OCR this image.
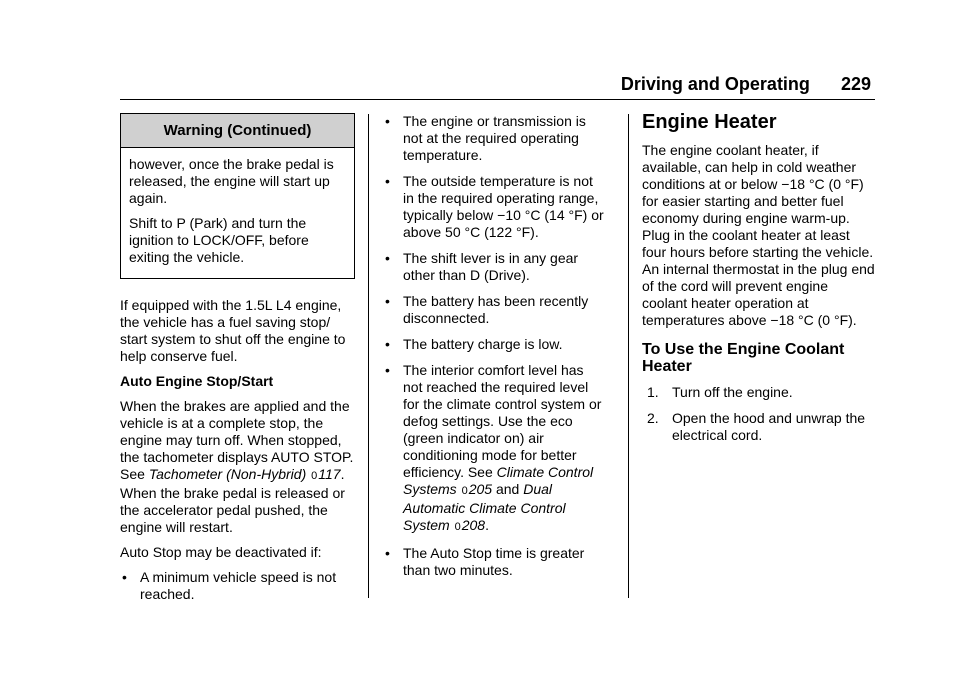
Driving and Operating 229
Warning (Continued)

however, once the brake pedal is released, the engine will start up again.

Shift to P (Park) and turn the ignition to LOCK/OFF, before exiting the vehicle.

If equipped with the 1.5L L4 engine, the vehicle has a fuel saving stop/ start system to shut off the engine to help conserve fuel.

Auto Engine Stop/Start

When the brakes are applied and the vehicle is at a complete stop, the engine may turn off. When stopped, the tachometer displays AUTO STOP. See Tachometer (Non-Hybrid) 0117. When the brake pedal is released or the accelerator pedal pushed, the engine will restart.

Auto Stop may be deactivated if:

• A minimum vehicle speed is not reached.
• The engine or transmission is not at the required operating temperature.
• The outside temperature is not in the required operating range, typically below −10 °C (14 °F) or above 50 °C (122 °F).
• The shift lever is in any gear other than D (Drive).
• The battery has been recently disconnected.
• The battery charge is low.
• The interior comfort level has not reached the required level for the climate control system or defog settings. Use the eco (green indicator on) air conditioning mode for better efficiency. See Climate Control Systems 0205 and Dual Automatic Climate Control System 0208.
• The Auto Stop time is greater than two minutes.
Engine Heater

The engine coolant heater, if available, can help in cold weather conditions at or below −18 °C (0 °F) for easier starting and better fuel economy during engine warm-up. Plug in the coolant heater at least four hours before starting the vehicle. An internal thermostat in the plug end of the cord will prevent engine coolant heater operation at temperatures above −18 °C (0 °F).

To Use the Engine Coolant Heater
1. Turn off the engine.
2. Open the hood and unwrap the electrical cord.
